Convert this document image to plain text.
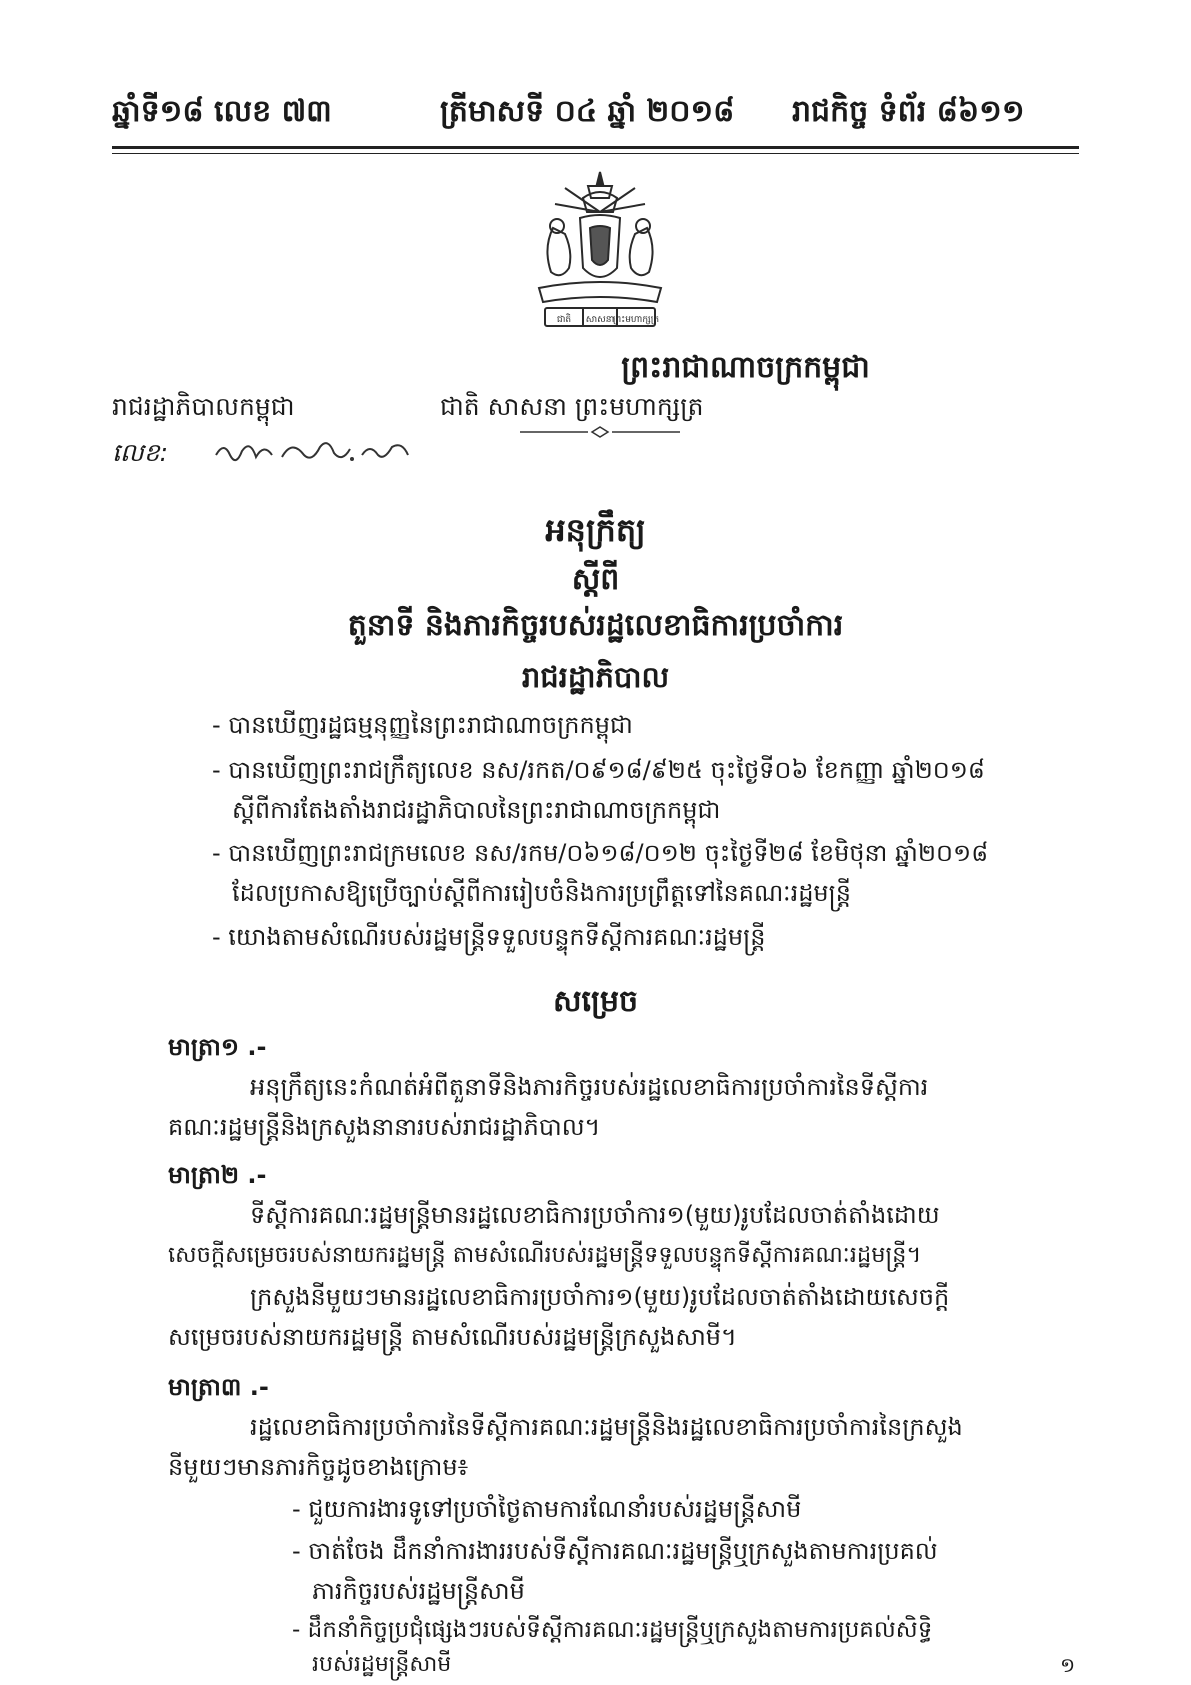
ឆ្នាំទី១៨ លេខ ៧៣	ត្រីមាសទី ០៤ ឆ្នាំ ២០១៨ រាជកិច្ច ទំព័រ ៨៦១១
ជាតិ សាសនា
ព្រះមហាក្សត្រ
ព្រះរាជាណាចក្រកម្ពុជា
រាជរដ្ឋាភិបាលកម្ពុជា	ជាតិ សាសនា ព្រះមហាក្សត្រ
លេខ:
អនុក្រឹត្យ
ស្តីពី
តួនាទី និងភារកិច្ចរបស់រដ្ឋលេខាធិការប្រចាំការ
រាជរដ្ឋាភិបាល
- បានឃើញរដ្ឋធម្មនុញ្ញនៃព្រះរាជាណាចក្រកម្ពុជា
- បានឃើញព្រះរាជក្រឹត្យលេខ នស/រកត/០៩១៨/៩២៥ ចុះថ្ងៃទី០៦ ខែកញ្ញា ឆ្នាំ២០១៨
ស្តីពីការតែងតាំងរាជរដ្ឋាភិបាលនៃព្រះរាជាណាចក្រកម្ពុជា
- បានឃើញព្រះរាជក្រមលេខ នស/រកម/០៦១៨/០១២ ចុះថ្ងៃទី២៨ ខែមិថុនា ឆ្នាំ២០១៨
ដែលប្រកាសឱ្យប្រើច្បាប់ស្តីពីការរៀបចំនិងការប្រព្រឹត្តទៅនៃគណៈរដ្ឋមន្ត្រី
- យោងតាមសំណើរបស់រដ្ឋមន្ត្រីទទួលបន្ទុកទីស្តីការគណៈរដ្ឋមន្ត្រី
សម្រេច
មាត្រា១ .-
អនុក្រឹត្យនេះកំណត់អំពីតួនាទីនិងភារកិច្ចរបស់រដ្ឋលេខាធិការប្រចាំការនៃទីស្តីការ
គណៈរដ្ឋមន្ត្រីនិងក្រសួងនានារបស់រាជរដ្ឋាភិបាល។
មាត្រា២ .-
ទីស្តីការគណៈរដ្ឋមន្ត្រីមានរដ្ឋលេខាធិការប្រចាំការ១(មួយ)រូបដែលចាត់តាំងដោយ
សេចក្តីសម្រេចរបស់នាយករដ្ឋមន្ត្រី តាមសំណើរបស់រដ្ឋមន្ត្រីទទួលបន្ទុកទីស្តីការគណៈរដ្ឋមន្ត្រី។
ក្រសួងនីមួយៗមានរដ្ឋលេខាធិការប្រចាំការ១(មួយ)រូបដែលចាត់តាំងដោយសេចក្តី
សម្រេចរបស់នាយករដ្ឋមន្ត្រី តាមសំណើរបស់រដ្ឋមន្ត្រីក្រសួងសាមី។
មាត្រា៣ .-
រដ្ឋលេខាធិការប្រចាំការនៃទីស្តីការគណៈរដ្ឋមន្ត្រីនិងរដ្ឋលេខាធិការប្រចាំការនៃក្រសួង
នីមួយៗមានភារកិច្ចដូចខាងក្រោម៖
- ជួយការងារទូទៅប្រចាំថ្ងៃតាមការណែនាំរបស់រដ្ឋមន្ត្រីសាមី
- ចាត់ចែង ដឹកនាំការងាររបស់ទីស្តីការគណៈរដ្ឋមន្ត្រីឬក្រសួងតាមការប្រគល់
ភារកិច្ចរបស់រដ្ឋមន្ត្រីសាមី
- ដឹកនាំកិច្ចប្រជុំផ្សេងៗរបស់ទីស្តីការគណៈរដ្ឋមន្ត្រីឬក្រសួងតាមការប្រគល់សិទ្ធិ
របស់រដ្ឋមន្ត្រីសាមី	១
